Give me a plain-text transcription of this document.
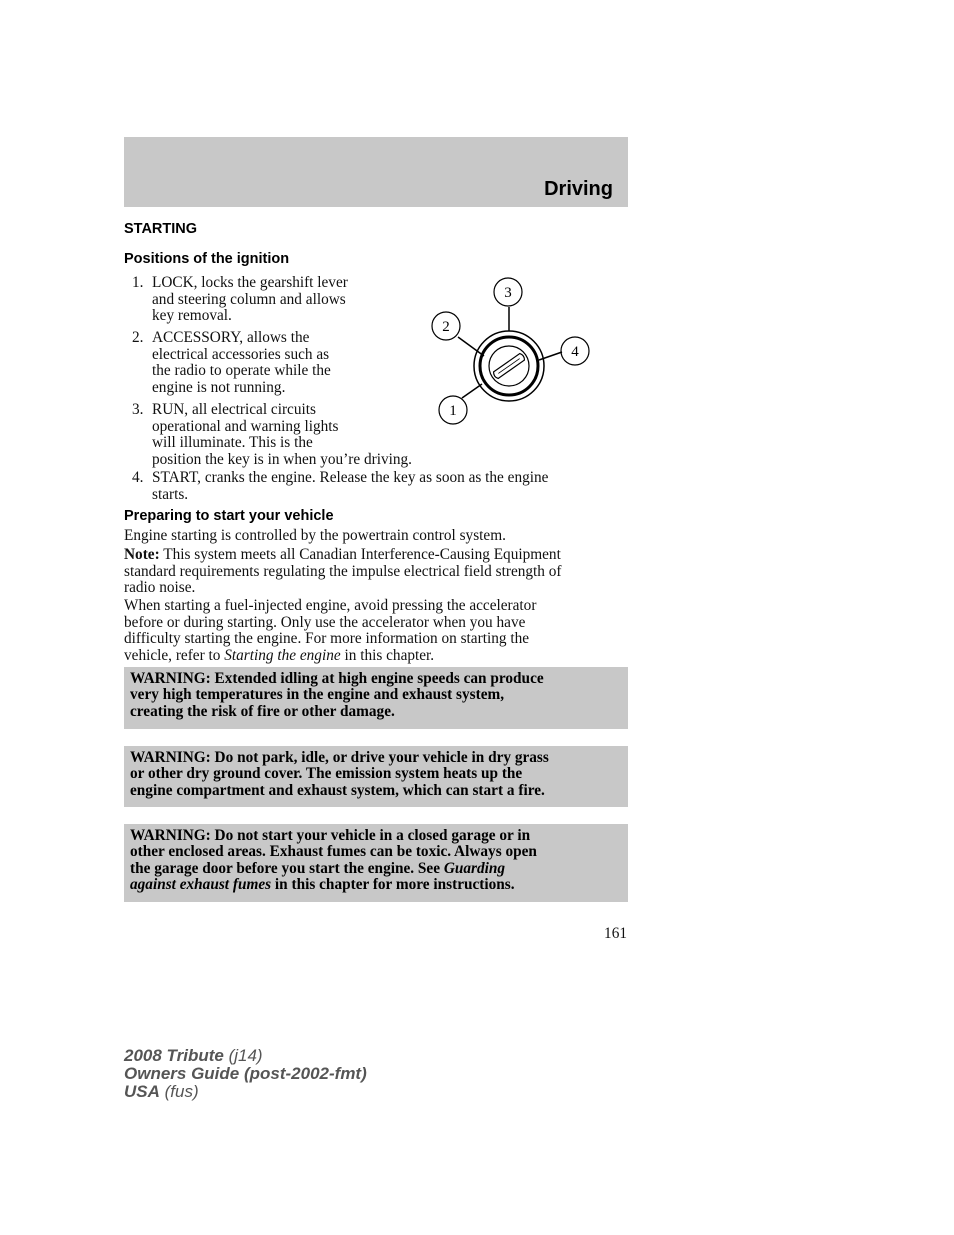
Driving
STARTING
Positions of the ignition
1. LOCK, locks the gearshift lever
and steering column and allows
key removal.
2. ACCESSORY, allows the
electrical accessories such as
the radio to operate while the
engine is not running.
3. RUN, all electrical circuits
operational and warning lights
will illuminate. This is the
position the key is in when you’re driving.
4. START, cranks the engine. Release the key as soon as the engine
starts.
3
2
4
1
Preparing to start your vehicle
Engine starting is controlled by the powertrain control system.
Note: This system meets all Canadian Interference-Causing Equipment
standard requirements regulating the impulse electrical field strength of
radio noise.
When starting a fuel-injected engine, avoid pressing the accelerator
before or during starting. Only use the accelerator when you have
difficulty starting the engine. For more information on starting the
vehicle, refer to Starting the engine in this chapter.
WARNING: Extended idling at high engine speeds can produce
very high temperatures in the engine and exhaust system,
creating the risk of fire or other damage.
WARNING: Do not park, idle, or drive your vehicle in dry grass
or other dry ground cover. The emission system heats up the
engine compartment and exhaust system, which can start a fire.
WARNING: Do not start your vehicle in a closed garage or in
other enclosed areas. Exhaust fumes can be toxic. Always open
the garage door before you start the engine. See Guarding
against exhaust fumes in this chapter for more instructions.
161
2008 Tribute (j14)
Owners Guide (post-2002-fmt)
USA (fus)
